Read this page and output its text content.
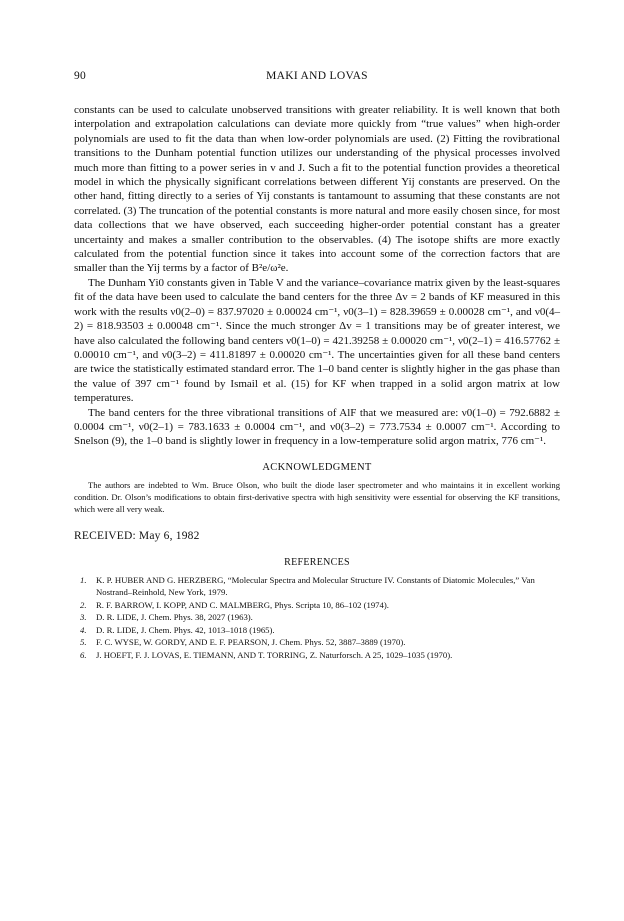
90	MAKI AND LOVAS

constants can be used to calculate unobserved transitions with greater reliability. It is well known that both interpolation and extrapolation calculations can deviate more quickly from “true values” when high-order polynomials are used to fit the data than when low-order polynomials are used. (2) Fitting the rovibrational transitions to the Dunham potential function utilizes our understanding of the physical processes involved much more than fitting to a power series in v and J. Such a fit to the potential function provides a theoretical model in which the physically significant correlations between different Yij constants are preserved. On the other hand, fitting directly to a series of Yij constants is tantamount to assuming that these constants are not correlated. (3) The truncation of the potential constants is more natural and more easily chosen since, for most data collections that we have observed, each succeeding higher-order potential constant has a greater uncertainty and makes a smaller contribution to the observables. (4) The isotope shifts are more exactly calculated from the potential function since it takes into account some of the correction factors that are smaller than the Yij terms by a factor of B²e/ω²e.

The Dunham Yi0 constants given in Table V and the variance–covariance matrix given by the least-squares fit of the data have been used to calculate the band centers for the three Δv = 2 bands of KF measured in this work with the results ν0(2–0) = 837.97020 ± 0.00024 cm⁻¹, ν0(3–1) = 828.39659 ± 0.00028 cm⁻¹, and ν0(4–2) = 818.93503 ± 0.00048 cm⁻¹. Since the much stronger Δv = 1 transitions may be of greater interest, we have also calculated the following band centers ν0(1–0) = 421.39258 ± 0.00020 cm⁻¹, ν0(2–1) = 416.57762 ± 0.00010 cm⁻¹, and ν0(3–2) = 411.81897 ± 0.00020 cm⁻¹. The uncertainties given for all these band centers are twice the statistically estimated standard error. The 1–0 band center is slightly higher in the gas phase than the value of 397 cm⁻¹ found by Ismail et al. (15) for KF when trapped in a solid argon matrix at low temperatures.

The band centers for the three vibrational transitions of AlF that we measured are: ν0(1–0) = 792.6882 ± 0.0004 cm⁻¹, ν0(2–1) = 783.1633 ± 0.0004 cm⁻¹, and ν0(3–2) = 773.7534 ± 0.0007 cm⁻¹. According to Snelson (9), the 1–0 band is slightly lower in frequency in a low-temperature solid argon matrix, 776 cm⁻¹.

ACKNOWLEDGMENT
The authors are indebted to Wm. Bruce Olson, who built the diode laser spectrometer and who maintains it in excellent working condition. Dr. Olson’s modifications to obtain first-derivative spectra with high sensitivity were essential for observing the KF transitions, which were all very weak.
RECEIVED: May 6, 1982
REFERENCES
1. K. P. HUBER AND G. HERZBERG, “Molecular Spectra and Molecular Structure IV. Constants of Diatomic Molecules,” Van Nostrand–Reinhold, New York, 1979.
2. R. F. BARROW, I. KOPP, AND C. MALMBERG, Phys. Scripta 10, 86–102 (1974).
3. D. R. LIDE, J. Chem. Phys. 38, 2027 (1963).
4. D. R. LIDE, J. Chem. Phys. 42, 1013–1018 (1965).
5. F. C. WYSE, W. GORDY, AND E. F. PEARSON, J. Chem. Phys. 52, 3887–3889 (1970).
6. J. HOEFT, F. J. LOVAS, E. TIEMANN, AND T. TORRING, Z. Naturforsch. A 25, 1029–1035 (1970).
